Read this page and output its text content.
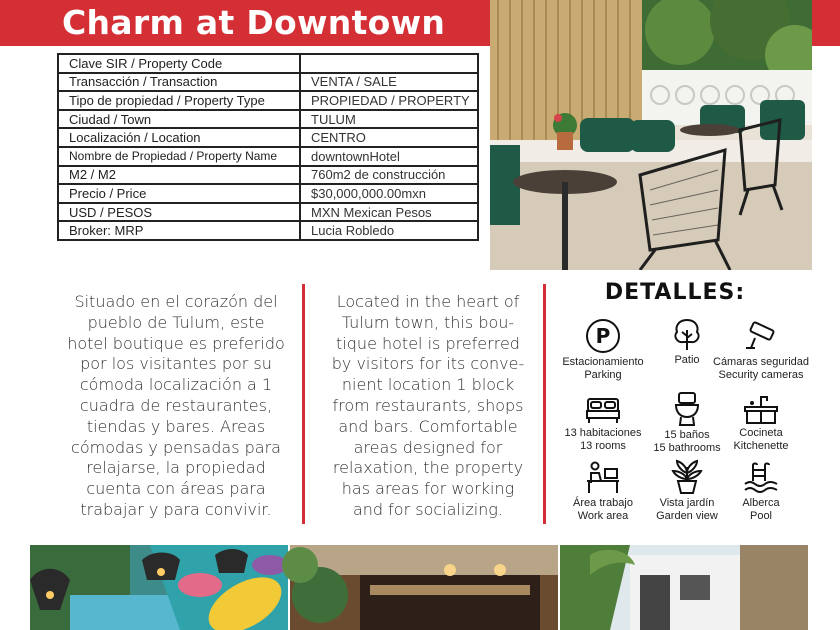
Charm at Downtown
Clave SIR / Property Code	
Transacción / Transaction	VENTA / SALE
Tipo de propiedad / Property Type	PROPIEDAD / PROPERTY
Ciudad / Town	TULUM
Localización / Location	CENTRO
Nombre de Propiedad / Property Name	downtownHotel
M2 / M2	760m2 de construcción
Precio / Price	$30,000,000.00mxn
USD / PESOS	MXN Mexican Pesos
Broker: MRP	Lucia Robledo
Situado en el corazón del
pueblo de Tulum, este
hotel boutique es preferido
por los visitantes por su
cómoda localización a 1
cuadra de restaurantes,
tiendas y bares. Areas
cómodas y pensadas para
relajarse, la propiedad
cuenta con áreas para
trabajar y para convivir.
Located in the heart of
Tulum town, this bou-
tique hotel is preferred
by visitors for its conve-
nient location 1 block
from restaurants, shops
and bars. Comfortable
areas designed for
relaxation, the property
has areas for working
and for socializing.
DETALLES:
P
Estacionamiento
Parking
Patio	Cámaras seguridad
Security cameras
13 habitaciones
13 rooms
15 baños
15 bathrooms
Cocineta
Kitchenette
Área trabajo
Work area
Vista jardín
Garden view
Alberca
Pool
